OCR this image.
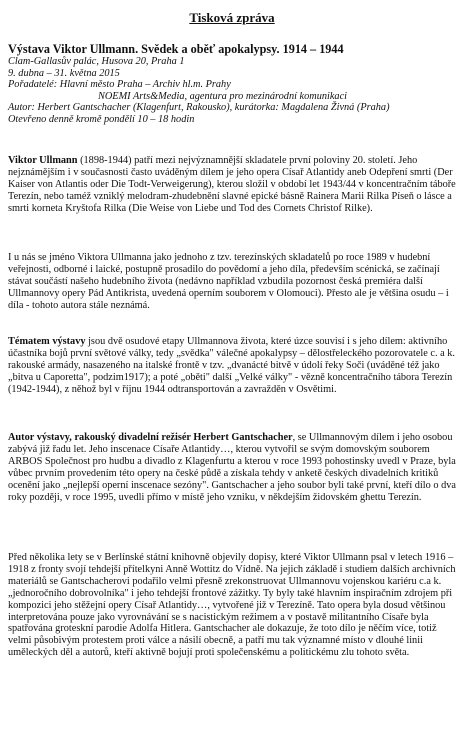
Tisková zpráva
Výstava Viktor Ullmann. Svědek a oběť apokalypsy. 1914 – 1944
Clam-Gallasův palác, Husova 20, Praha 1
9. dubna – 31. května 2015
Pořadatelé: Hlavní město Praha – Archiv hl.m. Prahy
NOEMI Arts&Media, agentura pro mezinárodní komunikaci
Autor: Herbert Gantschacher (Klagenfurt, Rakousko), kurátorka: Magdalena Živná (Praha)
Otevřeno denně kromě pondělí 10 – 18 hodin
Viktor Ullmann (1898-1944) patří mezi nejvýznamnější skladatele první poloviny 20. století. Jeho nejznámějším i v současnosti často uváděným dílem je jeho opera Císař Atlantidy aneb Odepření smrti (Der Kaiser von Atlantis oder Die Todt-Verweigerung), kterou složil v období let 1943/44 v koncentračním táboře Terezín, nebo taméž vzniklý melodram-zhudebnění slavné epické básně Rainera Marii Rilka Píseň o lásce a smrti korneta Kryštofa Rilka (Die Weise von Liebe und Tod des Cornets Christof Rilke).
I u nás se jméno Viktora Ullmanna jako jednoho z tzv. terezínských skladatelů po roce 1989 v hudební veřejnosti, odborné i laické, postupně prosadilo do povědomí a jeho díla, především scénická, se začínají stávat součástí našeho hudebního života (nedávno například vzbudila pozornost česká premiéra další Ullmannovy opery Pád Antikrista, uvedená operním souborem v Olomouci). Přesto ale je většina osudu – i díla - tohoto autora stále neznámá.
Tématem výstavy jsou dvě osudové etapy Ullmannova života, které úzce souvisí i s jeho dílem: aktivního účastníka bojů první světové války, tedy „svědka" válečné apokalypsy – dělostřeleckého pozorovatele c. a k. rakouské armády, nasazeného na italské frontě v tzv. „dvanácté bitvě v údolí řeky Soči (uváděné též jako „bitva u Caporetta", podzim1917); a poté „oběti" další „Velké války" - vězně koncentračního tábora Terezín (1942-1944), z něhož byl v říjnu 1944 odtransportován a zavražděn v Osvětimi.
Autor výstavy, rakouský divadelní režisér Herbert Gantschacher, se Ullmannovým dílem i jeho osobou zabývá již řadu let. Jeho inscenace Císaře Atlantidy…, kterou vytvořil se svým domovským souborem ARBOS Společnost pro hudbu a divadlo z Klagenfurtu a kterou v roce 1993 pohostinsky uvedl v Praze, byla vůbec prvním provedením této opery na české půdě a získala tehdy v anketě českých divadelních kritiků ocenění jako „nejlepší operní inscenace sezóny". Gantschacher a jeho soubor byli také první, kteří dílo o dva roky později, v roce 1995, uvedli přímo v místě jeho vzniku, v někdejším židovském ghettu Terezín.
Před několika lety se v Berlínské státní knihovně objevily dopisy, které Viktor Ullmann psal v letech 1916 – 1918 z fronty svojí tehdejší přítelkyni Anně Wottitz do Vídně. Na jejich základě i studiem dalších archivních materiálů se Gantschacherovi podařilo velmi přesně zrekonstruovat Ullmannovu vojenskou kariéru c.a k. „jednoročního dobrovolníka" i jeho tehdejší frontové zážitky. Ty byly také hlavním inspiračním zdrojem při kompozici jeho stěžejní opery Císař Atlantidy…, vytvořené již v Terezíně. Tato opera byla dosud většinou interpretována pouze jako vyrovnávání se s nacistickým režimem a v postavě militantního Císaře byla spatřována groteskní parodie Adolfa Hitlera. Gantschacher ale dokazuje, že toto dílo je něčím více, totiž velmi působivým protestem proti válce a násilí obecně, a patří mu tak významné místo v dlouhé linii uměleckých děl a autorů, kteří aktivně bojují proti společenskému a politickému zlu tohoto světa.
